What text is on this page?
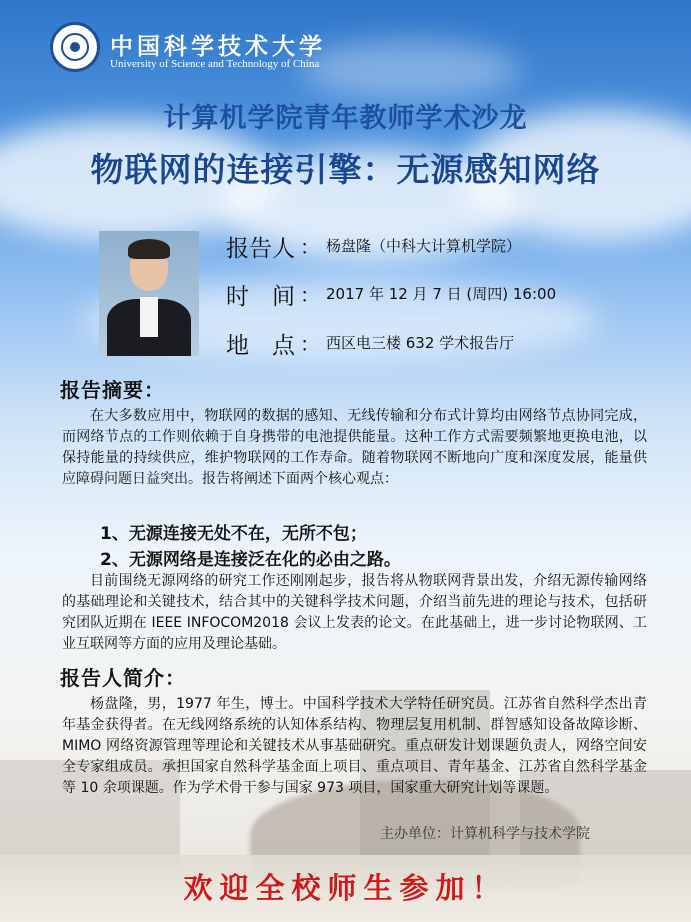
中国科学技术大学
University of Science and Technology of China
计算机学院青年教师学术沙龙
物联网的连接引擎：无源感知网络
报告人 ： 杨盘隆（中科大计算机学院）
时　间 ： 2017 年 12 月 7 日 (周四) 16:00
地　点 ： 西区电三楼 632 学术报告厅
报告摘要：

在大多数应用中，物联网的数据的感知、无线传输和分布式计算均由网络节点协同完成，而网络节点的工作则依赖于自身携带的电池提供能量。这种工作方式需要频繁地更换电池，以保持能量的持续供应，维护物联网的工作寿命。随着物联网不断地向广度和深度发展，能量供应障碍问题日益突出。报告将阐述下面两个核心观点：

1、无源连接无处不在，无所不包；
2、无源网络是连接泛在化的必由之路。

目前围绕无源网络的研究工作还刚刚起步，报告将从物联网背景出发，介绍无源传输网络的基础理论和关键技术，结合其中的关键科学技术问题，介绍当前先进的理论与技术，包括研究团队近期在 IEEE INFOCOM2018 会议上发表的论文。在此基础上，进一步讨论物联网、工业互联网等方面的应用及理论基础。

报告人简介：

杨盘隆，男，1977 年生，博士。中国科学技术大学特任研究员。江苏省自然科学杰出青年基金获得者。在无线网络系统的认知体系结构、物理层复用机制、群智感知设备故障诊断、MIMO 网络资源管理等理论和关键技术从事基础研究。重点研发计划课题负责人，网络空间安全专家组成员。承担国家自然科学基金面上项目、重点项目、青年基金、江苏省自然科学基金等 10 余项课题。作为学术骨干参与国家 973 项目，国家重大研究计划等课题。

主办单位：计算机科学与技术学院
欢迎全校师生参加！
